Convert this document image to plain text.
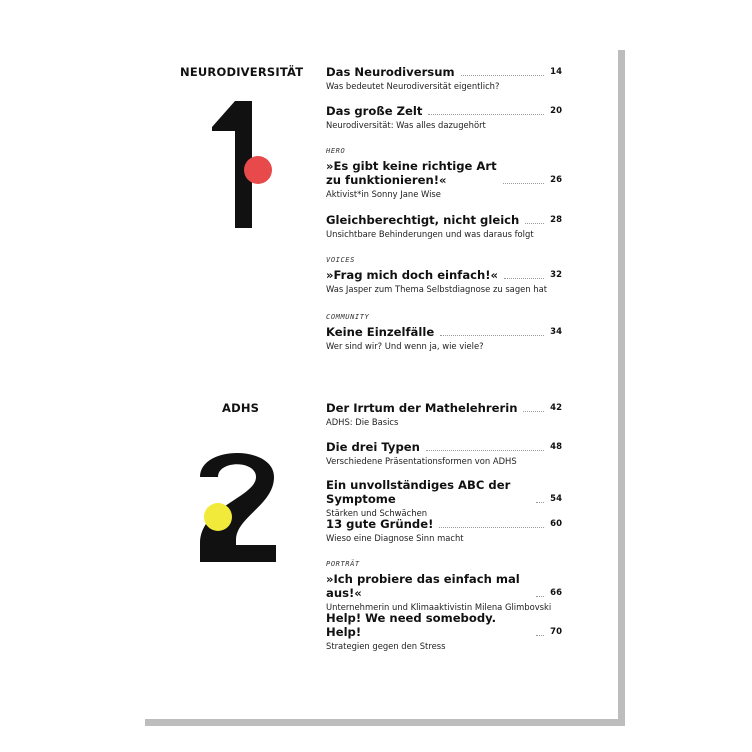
NEURODIVERSITÄT
ADHS
Das Neurodiversum	14
Was bedeutet Neurodiversität eigentlich?
Das große Zelt	20
Neurodiversität: Was alles dazugehört
HERO
»Es gibt keine richtige Art
zu funktionieren!«	26
Aktivist*in Sonny Jane Wise
Gleichberechtigt, nicht gleich	28
Unsichtbare Behinderungen und was daraus folgt
VOICES
»Frag mich doch einfach!«	32
Was Jasper zum Thema Selbstdiagnose zu sagen hat
COMMUNITY
Keine Einzelfälle	34
Wer sind wir? Und wenn ja, wie viele?
Der Irrtum der Mathelehrerin	42
ADHS: Die Basics
Die drei Typen	48
Verschiedene Präsentationsformen von ADHS
Ein unvollständiges ABC der Symptome	54
Stärken und Schwächen
13 gute Gründe!	60
Wieso eine Diagnose Sinn macht
PORTRÄT
»Ich probiere das einfach mal aus!«	66
Unternehmerin und Klimaaktivistin Milena Glimbovski
Help! We need somebody. Help!	70
Strategien gegen den Stress
